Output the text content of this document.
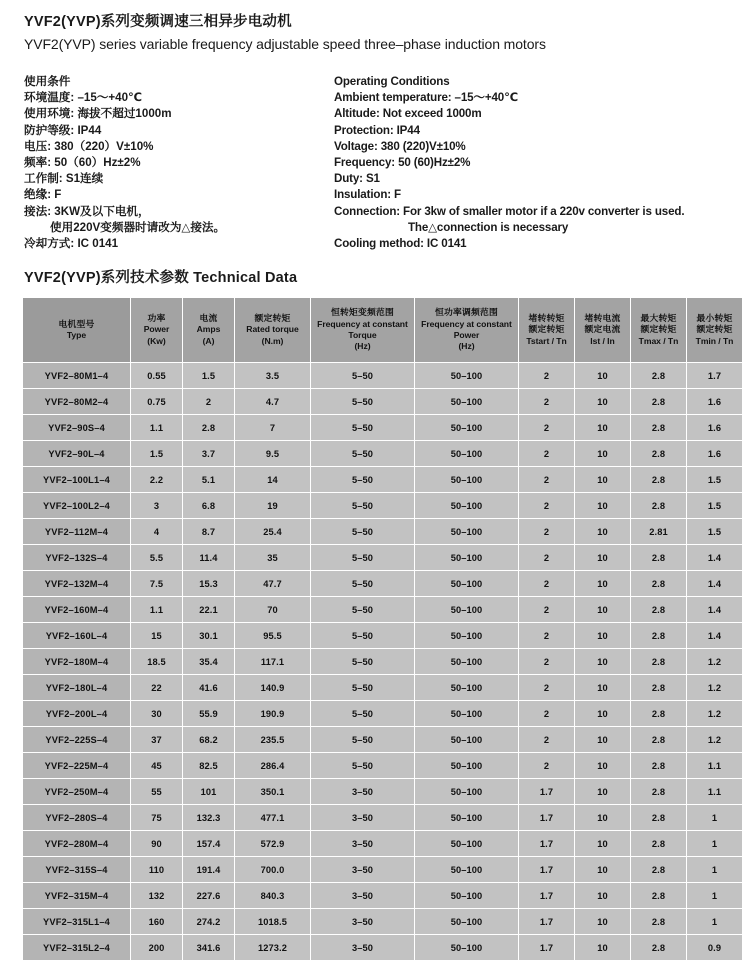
YVF2(YVP)系列变频调速三相异步电动机
YVF2(YVP) series variable frequency adjustable speed three–phase induction motors
使用条件
环境温度: –15～+40℃
使用环境: 海拔不超过1000m
防护等级: IP44
电压: 380（220）V±10%
频率: 50（60）Hz±2%
工作制: S1连续
绝缘: F
接法: 3KW及以下电机，
使用220V变频器时请改为△接法。
冷却方式: IC 0141
Operating Conditions
Ambient temperature: –15～+40℃
Altitude: Not exceed 1000m
Protection: IP44
Voltage: 380 (220)V±10%
Frequency: 50 (60)Hz±2%
Duty: S1
Insulation: F
Connection: For 3kw of smaller motor if a 220v converter is used.
The△connection is necessary
Cooling method: IC 0141
YVF2(YVP)系列技术参数 Technical Data
电机型号
Type	功率
Power
(Kw)	电流
Amps
(A)	额定转矩
Rated torque
(N.m)	恒转矩变频范围
Frequency at constant Torque
(Hz)	恒功率调频范围
Frequency at constant Power
(Hz)	堵转转矩
额定转矩
Tstart / Tn	堵转电流
额定电流
Ist / In	最大转矩
额定转矩
Tmax / Tn	最小转矩
额定转矩
Tmin / Tn

YVF2–80M1–4	0.55	1.5	3.5	5–50	50–100	2	10	2.8	1.7
YVF2–80M2–4	0.75	2	4.7	5–50	50–100	2	10	2.8	1.6
YVF2–90S–4	1.1	2.8	7	5–50	50–100	2	10	2.8	1.6
YVF2–90L–4	1.5	3.7	9.5	5–50	50–100	2	10	2.8	1.6
YVF2–100L1–4	2.2	5.1	14	5–50	50–100	2	10	2.8	1.5
YVF2–100L2–4	3	6.8	19	5–50	50–100	2	10	2.8	1.5
YVF2–112M–4	4	8.7	25.4	5–50	50–100	2	10	2.81	1.5
YVF2–132S–4	5.5	11.4	35	5–50	50–100	2	10	2.8	1.4
YVF2–132M–4	7.5	15.3	47.7	5–50	50–100	2	10	2.8	1.4
YVF2–160M–4	1.1	22.1	70	5–50	50–100	2	10	2.8	1.4
YVF2–160L–4	15	30.1	95.5	5–50	50–100	2	10	2.8	1.4
YVF2–180M–4	18.5	35.4	117.1	5–50	50–100	2	10	2.8	1.2
YVF2–180L–4	22	41.6	140.9	5–50	50–100	2	10	2.8	1.2
YVF2–200L–4	30	55.9	190.9	5–50	50–100	2	10	2.8	1.2
YVF2–225S–4	37	68.2	235.5	5–50	50–100	2	10	2.8	1.2
YVF2–225M–4	45	82.5	286.4	5–50	50–100	2	10	2.8	1.1
YVF2–250M–4	55	101	350.1	3–50	50–100	1.7	10	2.8	1.1
YVF2–280S–4	75	132.3	477.1	3–50	50–100	1.7	10	2.8	1
YVF2–280M–4	90	157.4	572.9	3–50	50–100	1.7	10	2.8	1
YVF2–315S–4	110	191.4	700.0	3–50	50–100	1.7	10	2.8	1
YVF2–315M–4	132	227.6	840.3	3–50	50–100	1.7	10	2.8	1
YVF2–315L1–4	160	274.2	1018.5	3–50	50–100	1.7	10	2.8	1
YVF2–315L2–4	200	341.6	1273.2	3–50	50–100	1.7	10	2.8	0.9
